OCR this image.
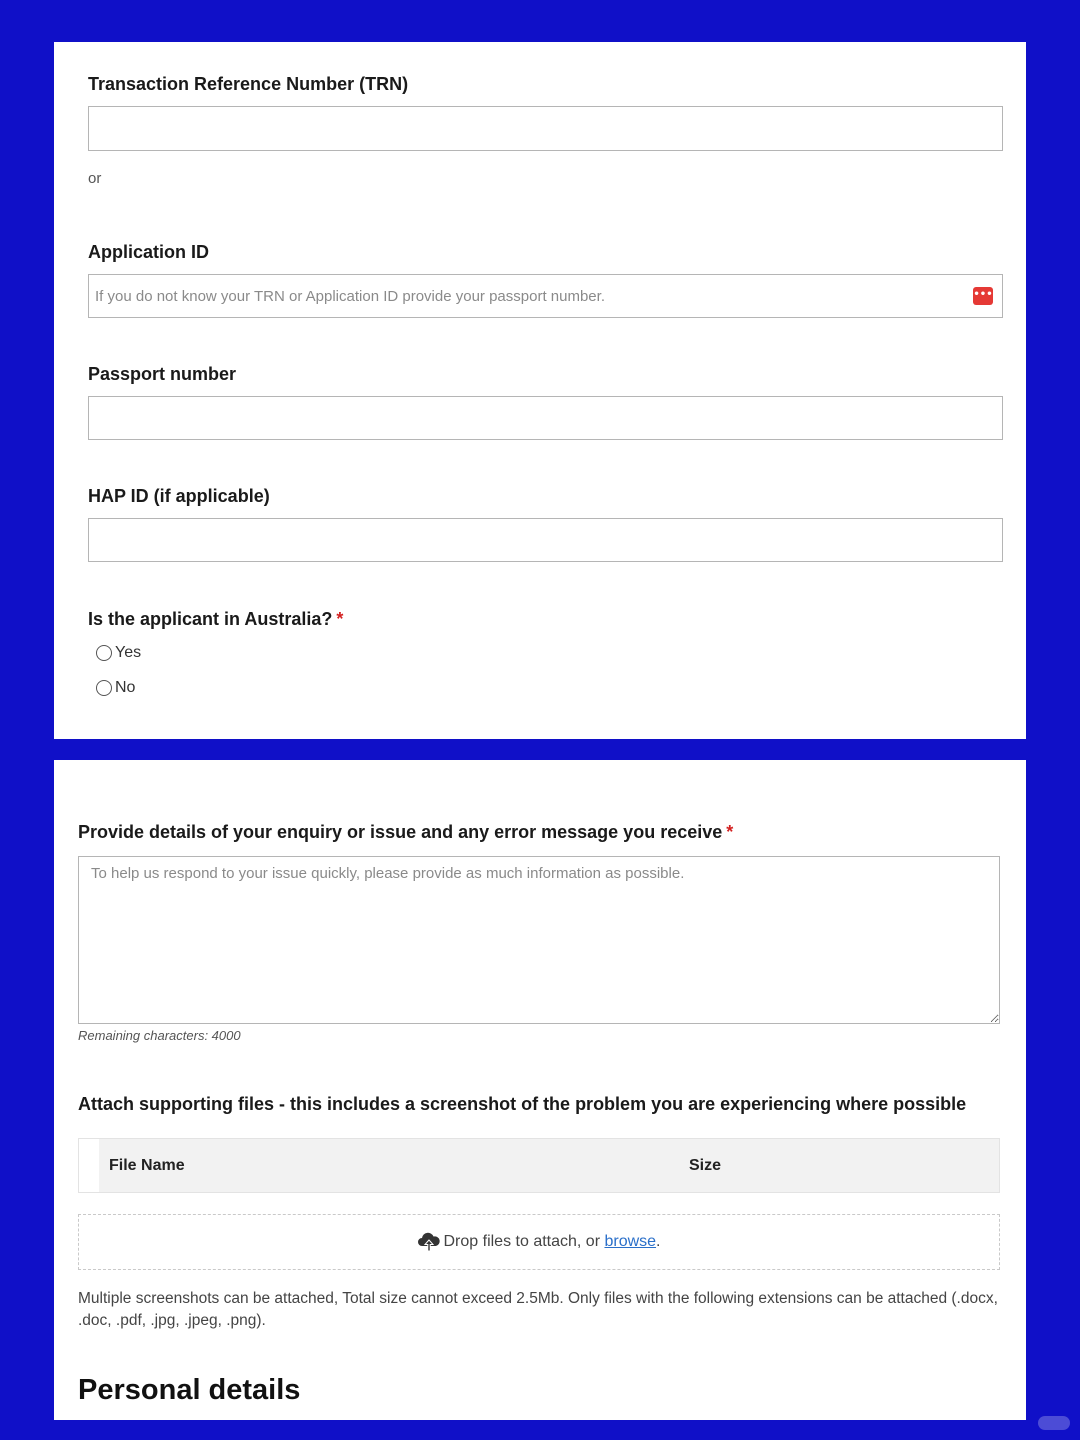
Transaction Reference Number (TRN)
or
Application ID
If you do not know your TRN or Application ID provide your passport number.
•••
Passport number
HAP ID (if applicable)
Is the applicant in Australia? *
Yes
No
Provide details of your enquiry or issue and any error message you receive *
To help us respond to your issue quickly, please provide as much information as possible.
Remaining characters: 4000
Attach supporting files - this includes a screenshot of the problem you are experiencing where possible
File Name	Size
Drop files to attach, or
browse .
Multiple screenshots can be attached, Total size cannot exceed 2.5Mb. Only files with the following extensions can be attached (.docx, .doc, .pdf, .jpg, .jpeg, .png).
Personal details
